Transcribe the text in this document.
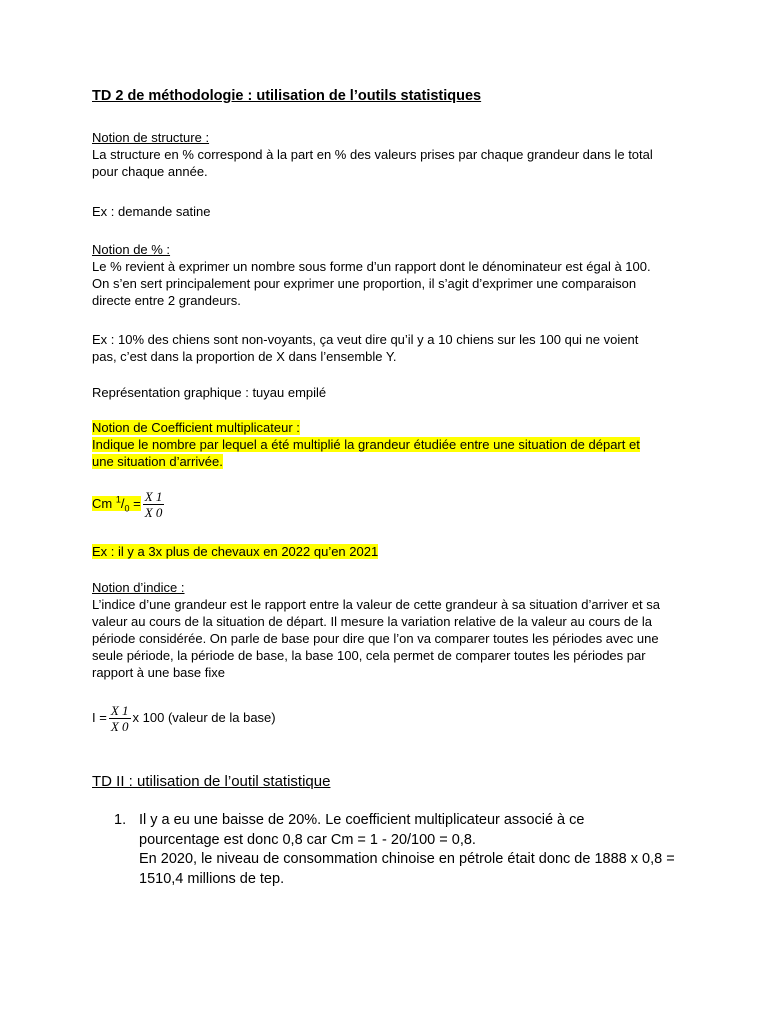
TD 2 de méthodologie : utilisation de l’outils statistiques
Notion de structure :
La structure en % correspond à la part en % des valeurs prises par chaque grandeur dans le total pour chaque année.
Ex : demande satine
Notion de % :
Le % revient à exprimer un nombre sous forme d’un rapport dont le dénominateur est égal à 100. On s’en sert principalement pour exprimer une proportion, il s’agit d’exprimer une comparaison directe entre 2 grandeurs.
Ex : 10% des chiens sont non-voyants, ça veut dire qu’il y a 10 chiens sur les 100 qui ne voient pas, c’est dans la proportion de X dans l’ensemble Y.
Représentation graphique : tuyau empilé
Notion de Coefficient multiplicateur :
Indique le nombre par lequel a été multiplié la grandeur étudiée entre une situation de départ et une situation d’arrivée.
Cm $^1/_0 = \frac{X 1}{X 0}$
Ex : il y a 3x plus de chevaux en 2022 qu’en 2021
Notion d’indice :
L’indice d’une grandeur est le rapport entre la valeur de cette grandeur à sa situation d’arriver et sa valeur au cours de la situation de départ. Il mesure la variation relative de la valeur au cours de la période considérée. On parle de base pour dire que l’on va comparer toutes les périodes avec une seule période, la période de base, la base 100, cela permet de comparer toutes les périodes par rapport à une base fixe
$I = \frac{X 1}{X 0}$ x 100 (valeur de la base)
TD II : utilisation de l’outil statistique
1. Il y a eu une baisse de 20%. Le coefficient multiplicateur associé à ce pourcentage est donc 0,8 car Cm = 1 - 20/100 = 0,8.
En 2020, le niveau de consommation chinoise en pétrole était donc de 1888 x 0,8 = 1510,4 millions de tep.
